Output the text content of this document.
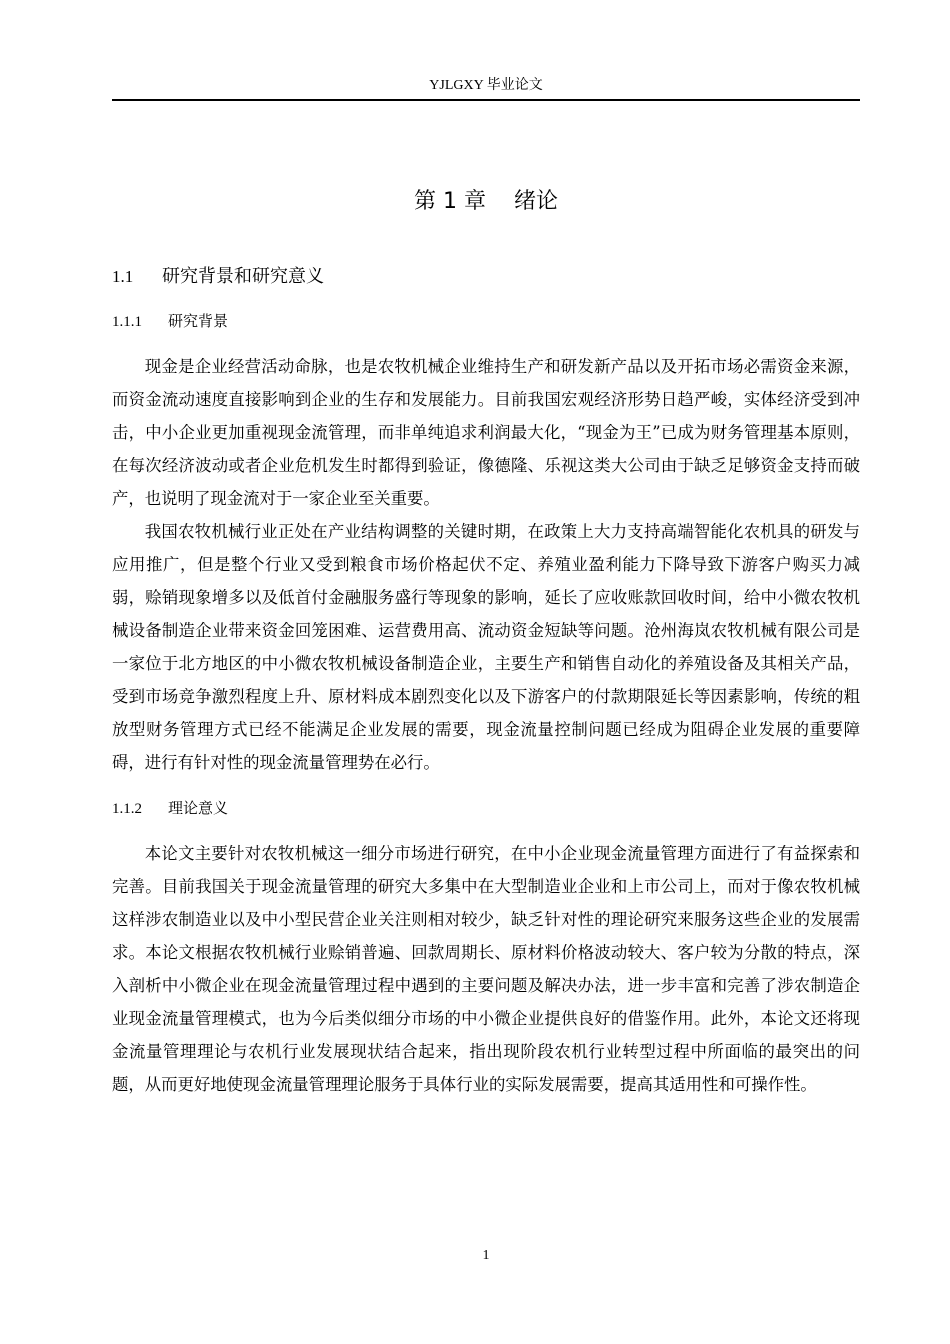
YJLGXY 毕业论文
第 1 章 绪论
1.1 研究背景和研究意义
1.1.1 研究背景

现金是企业经营活动命脉，也是农牧机械企业维持生产和研发新产品以及开拓市场必需资金来源，而资金流动速度直接影响到企业的生存和发展能力。目前我国宏观经济形势日趋严峻，实体经济受到冲击，中小企业更加重视现金流管理，而非单纯追求利润最大化，“现金为王”已成为财务管理基本原则，在每次经济波动或者企业危机发生时都得到验证，像德隆、乐视这类大公司由于缺乏足够资金支持而破产，也说明了现金流对于一家企业至关重要。

我国农牧机械行业正处在产业结构调整的关键时期，在政策上大力支持高端智能化农机具的研发与应用推广，但是整个行业又受到粮食市场价格起伏不定、养殖业盈利能力下降导致下游客户购买力减弱，赊销现象增多以及低首付金融服务盛行等现象的影响，延长了应收账款回收时间，给中小微农牧机械设备制造企业带来资金回笼困难、运营费用高、流动资金短缺等问题。沧州海岚农牧机械有限公司是一家位于北方地区的中小微农牧机械设备制造企业，主要生产和销售自动化的养殖设备及其相关产品，受到市场竞争激烈程度上升、原材料成本剧烈变化以及下游客户的付款期限延长等因素影响，传统的粗放型财务管理方式已经不能满足企业发展的需要，现金流量控制问题已经成为阻碍企业发展的重要障碍，进行有针对性的现金流量管理势在必行。

1.1.2 理论意义

本论文主要针对农牧机械这一细分市场进行研究，在中小企业现金流量管理方面进行了有益探索和完善。目前我国关于现金流量管理的研究大多集中在大型制造业企业和上市公司上，而对于像农牧机械这样涉农制造业以及中小型民营企业关注则相对较少，缺乏针对性的理论研究来服务这些企业的发展需求。本论文根据农牧机械行业赊销普遍、回款周期长、原材料价格波动较大、客户较为分散的特点，深入剖析中小微企业在现金流量管理过程中遇到的主要问题及解决办法，进一步丰富和完善了涉农制造企业现金流量管理模式，也为今后类似细分市场的中小微企业提供良好的借鉴作用。此外，本论文还将现金流量管理理论与农机行业发展现状结合起来，指出现阶段农机行业转型过程中所面临的最突出的问题，从而更好地使现金流量管理理论服务于具体行业的实际发展需要，提高其适用性和可操作性。

1
